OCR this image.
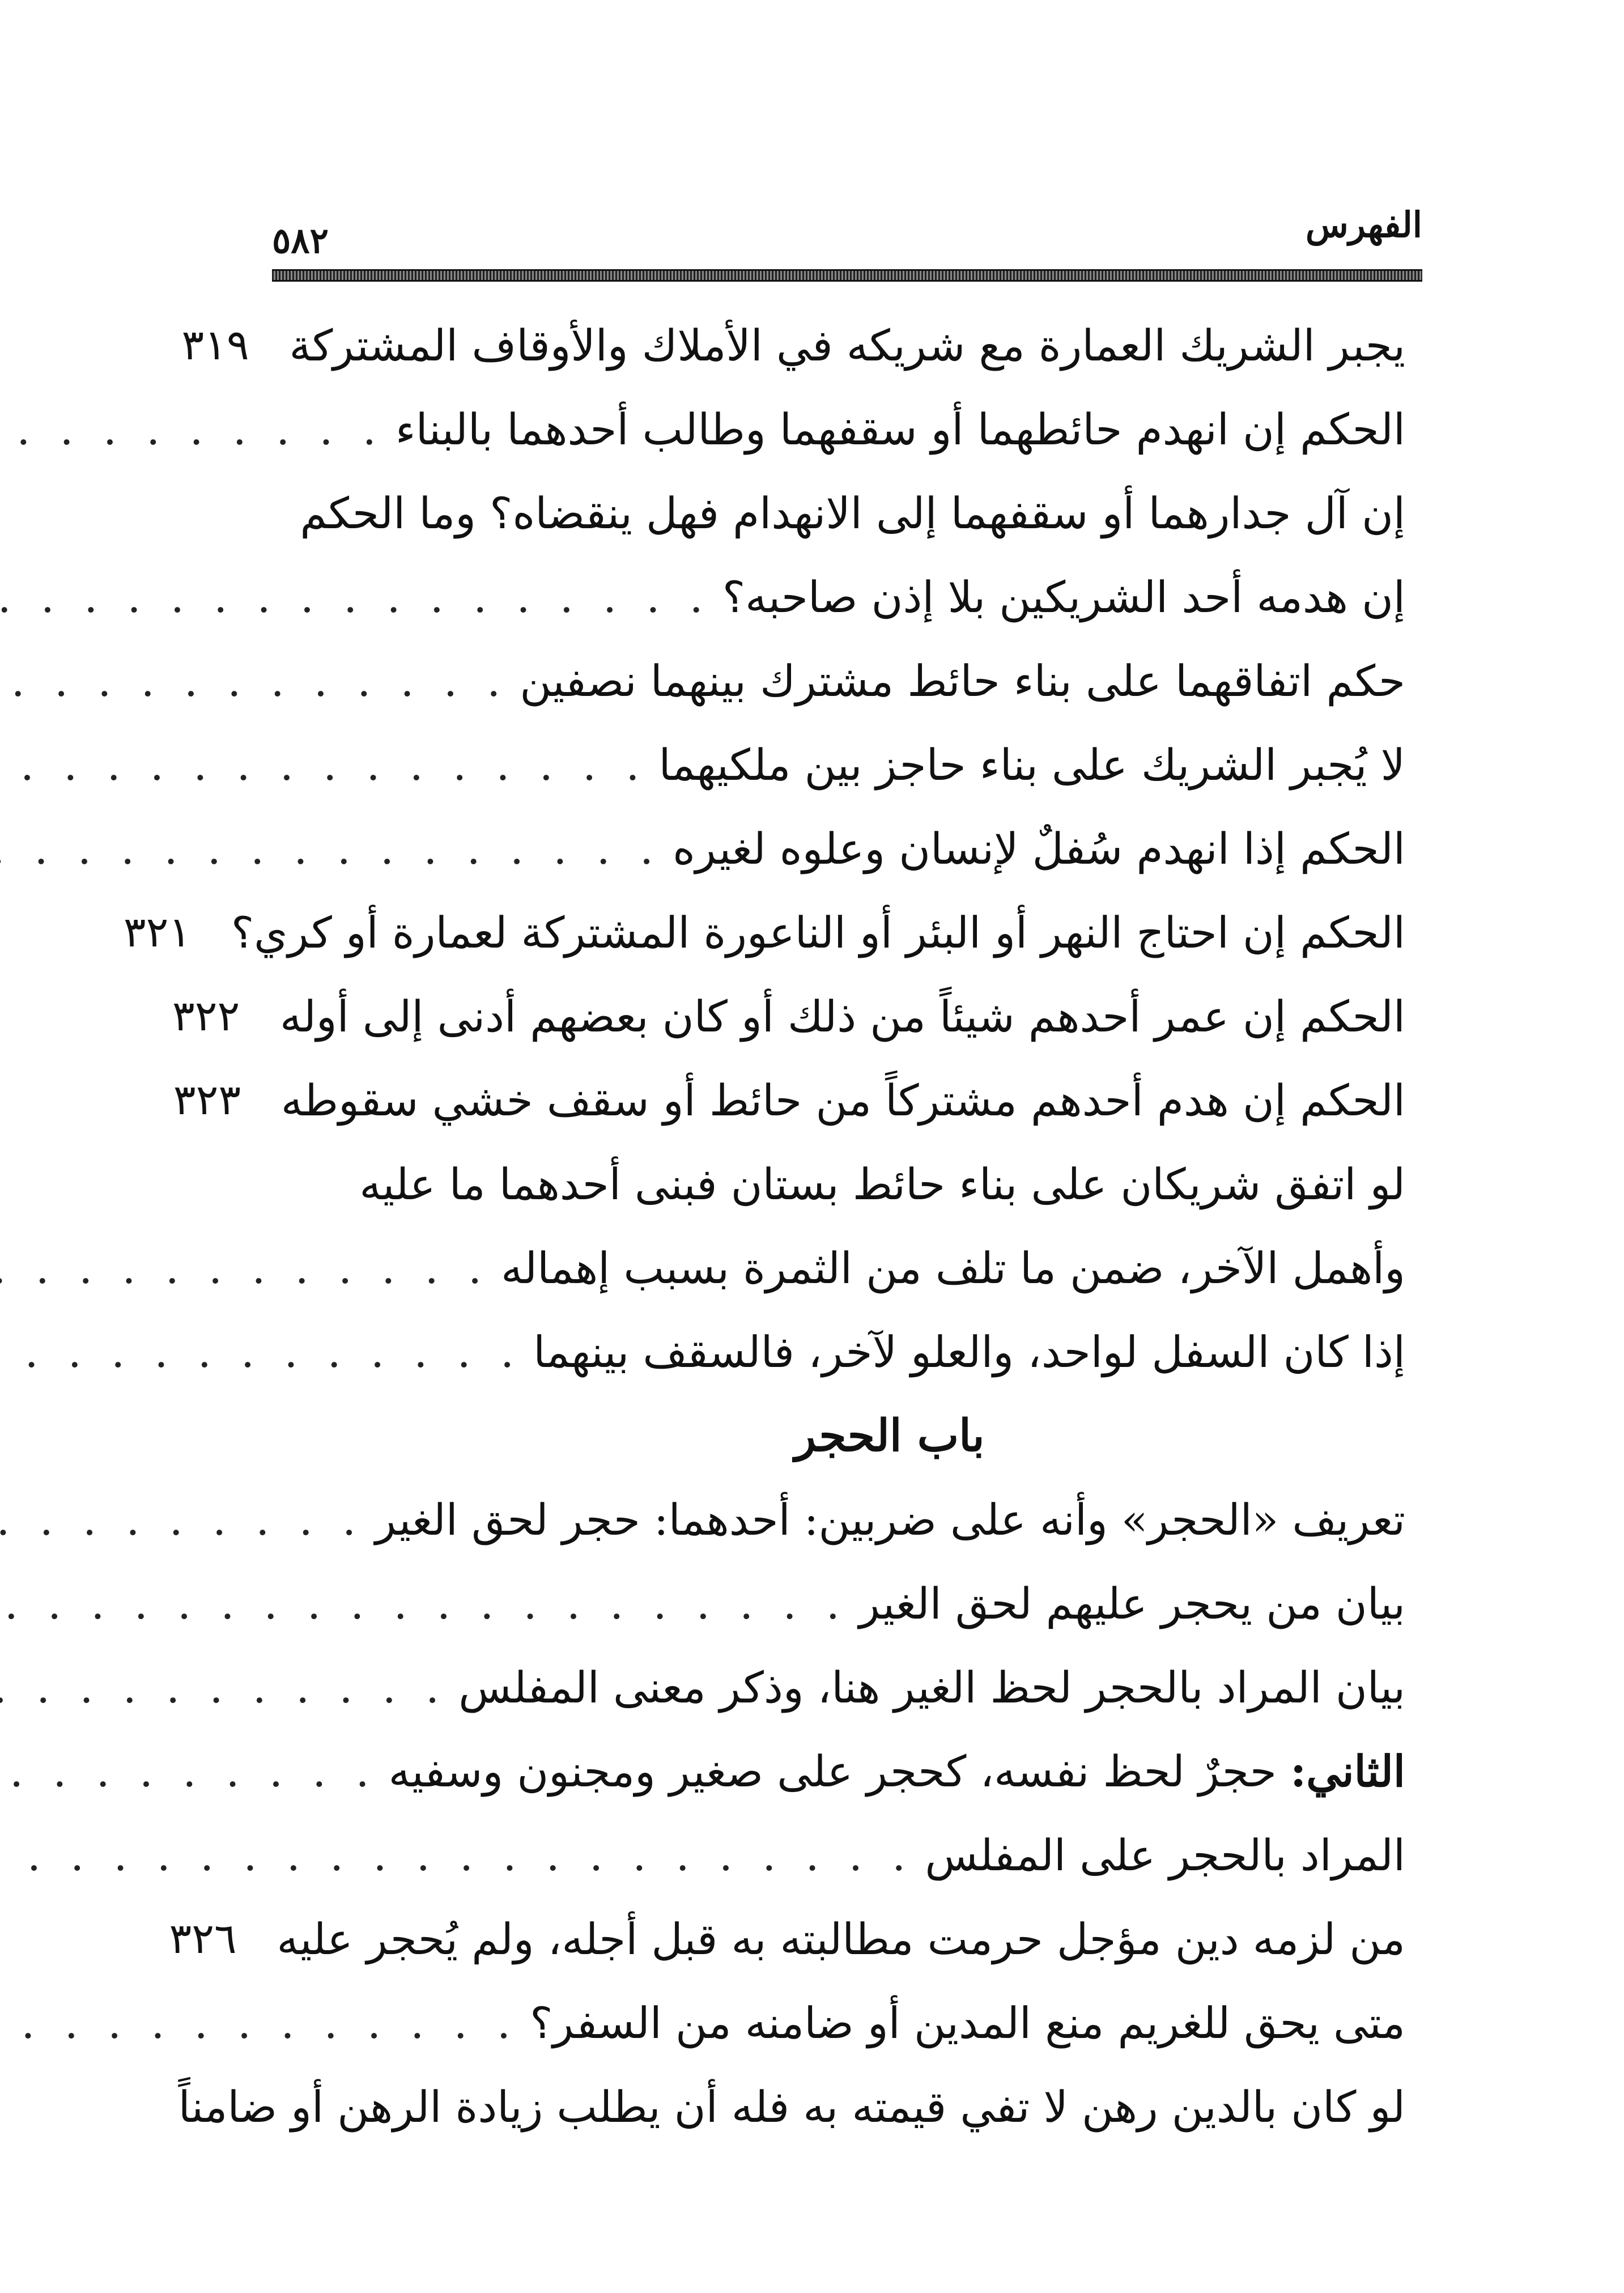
الفهرس
٥٨٢
يجبر الشريك العمارة مع شريكه في الأملاك والأوقاف المشتركة
٣١٩
الحكم إن انهدم حائطهما أو سقفهما وطالب أحدهما بالبناء
. . .
إن آل جدارهما أو سقفهما إلى الانهدام فهل ينقضاه؟ وما الحكم
إن هدمه أحد الشريكين بلا إذن صاحبه؟
. . .
حكم اتفاقهما على بناء حائط مشترك بينهما نصفين
. . .
لا يُجبر الشريك على بناء حاجز بين ملكيهما
. . .
الحكم إذا انهدم سُفلٌ لإنسان وعلوه لغيره
. . .
الحكم إن احتاج النهر أو البئر أو الناعورة المشتركة لعمارة أو كري؟
٣٢١
الحكم إن عمر أحدهم شيئاً من ذلك أو كان بعضهم أدنى إلى أوله
٣٢٢
الحكم إن هدم أحدهم مشتركاً من حائط أو سقف خشي سقوطه
٣٢٣
لو اتفق شريكان على بناء حائط بستان فبنى أحدهما ما عليه
وأهمل الآخر، ضمن ما تلف من الثمرة بسبب إهماله
. . .
إذا كان السفل لواحد، والعلو لآخر، فالسقف بينهما
. . .
باب الحجر
تعريف «الحجر» وأنه على ضربين: أحدهما: حجر لحق الغير
. . .
بيان من يحجر عليهم لحق الغير
. . .
بيان المراد بالحجر لحظ الغير هنا، وذكر معنى المفلس
. . .
الثاني: حجرٌ لحظ نفسه، كحجر على صغير ومجنون وسفيه
. . .
المراد بالحجر على المفلس
. . .
من لزمه دين مؤجل حرمت مطالبته به قبل أجله، ولم يُحجر عليه
٣٢٦
متى يحق للغريم منع المدين أو ضامنه من السفر؟
. . .
لو كان بالدين رهن لا تفي قيمته به فله أن يطلب زيادة الرهن أو ضامناً
